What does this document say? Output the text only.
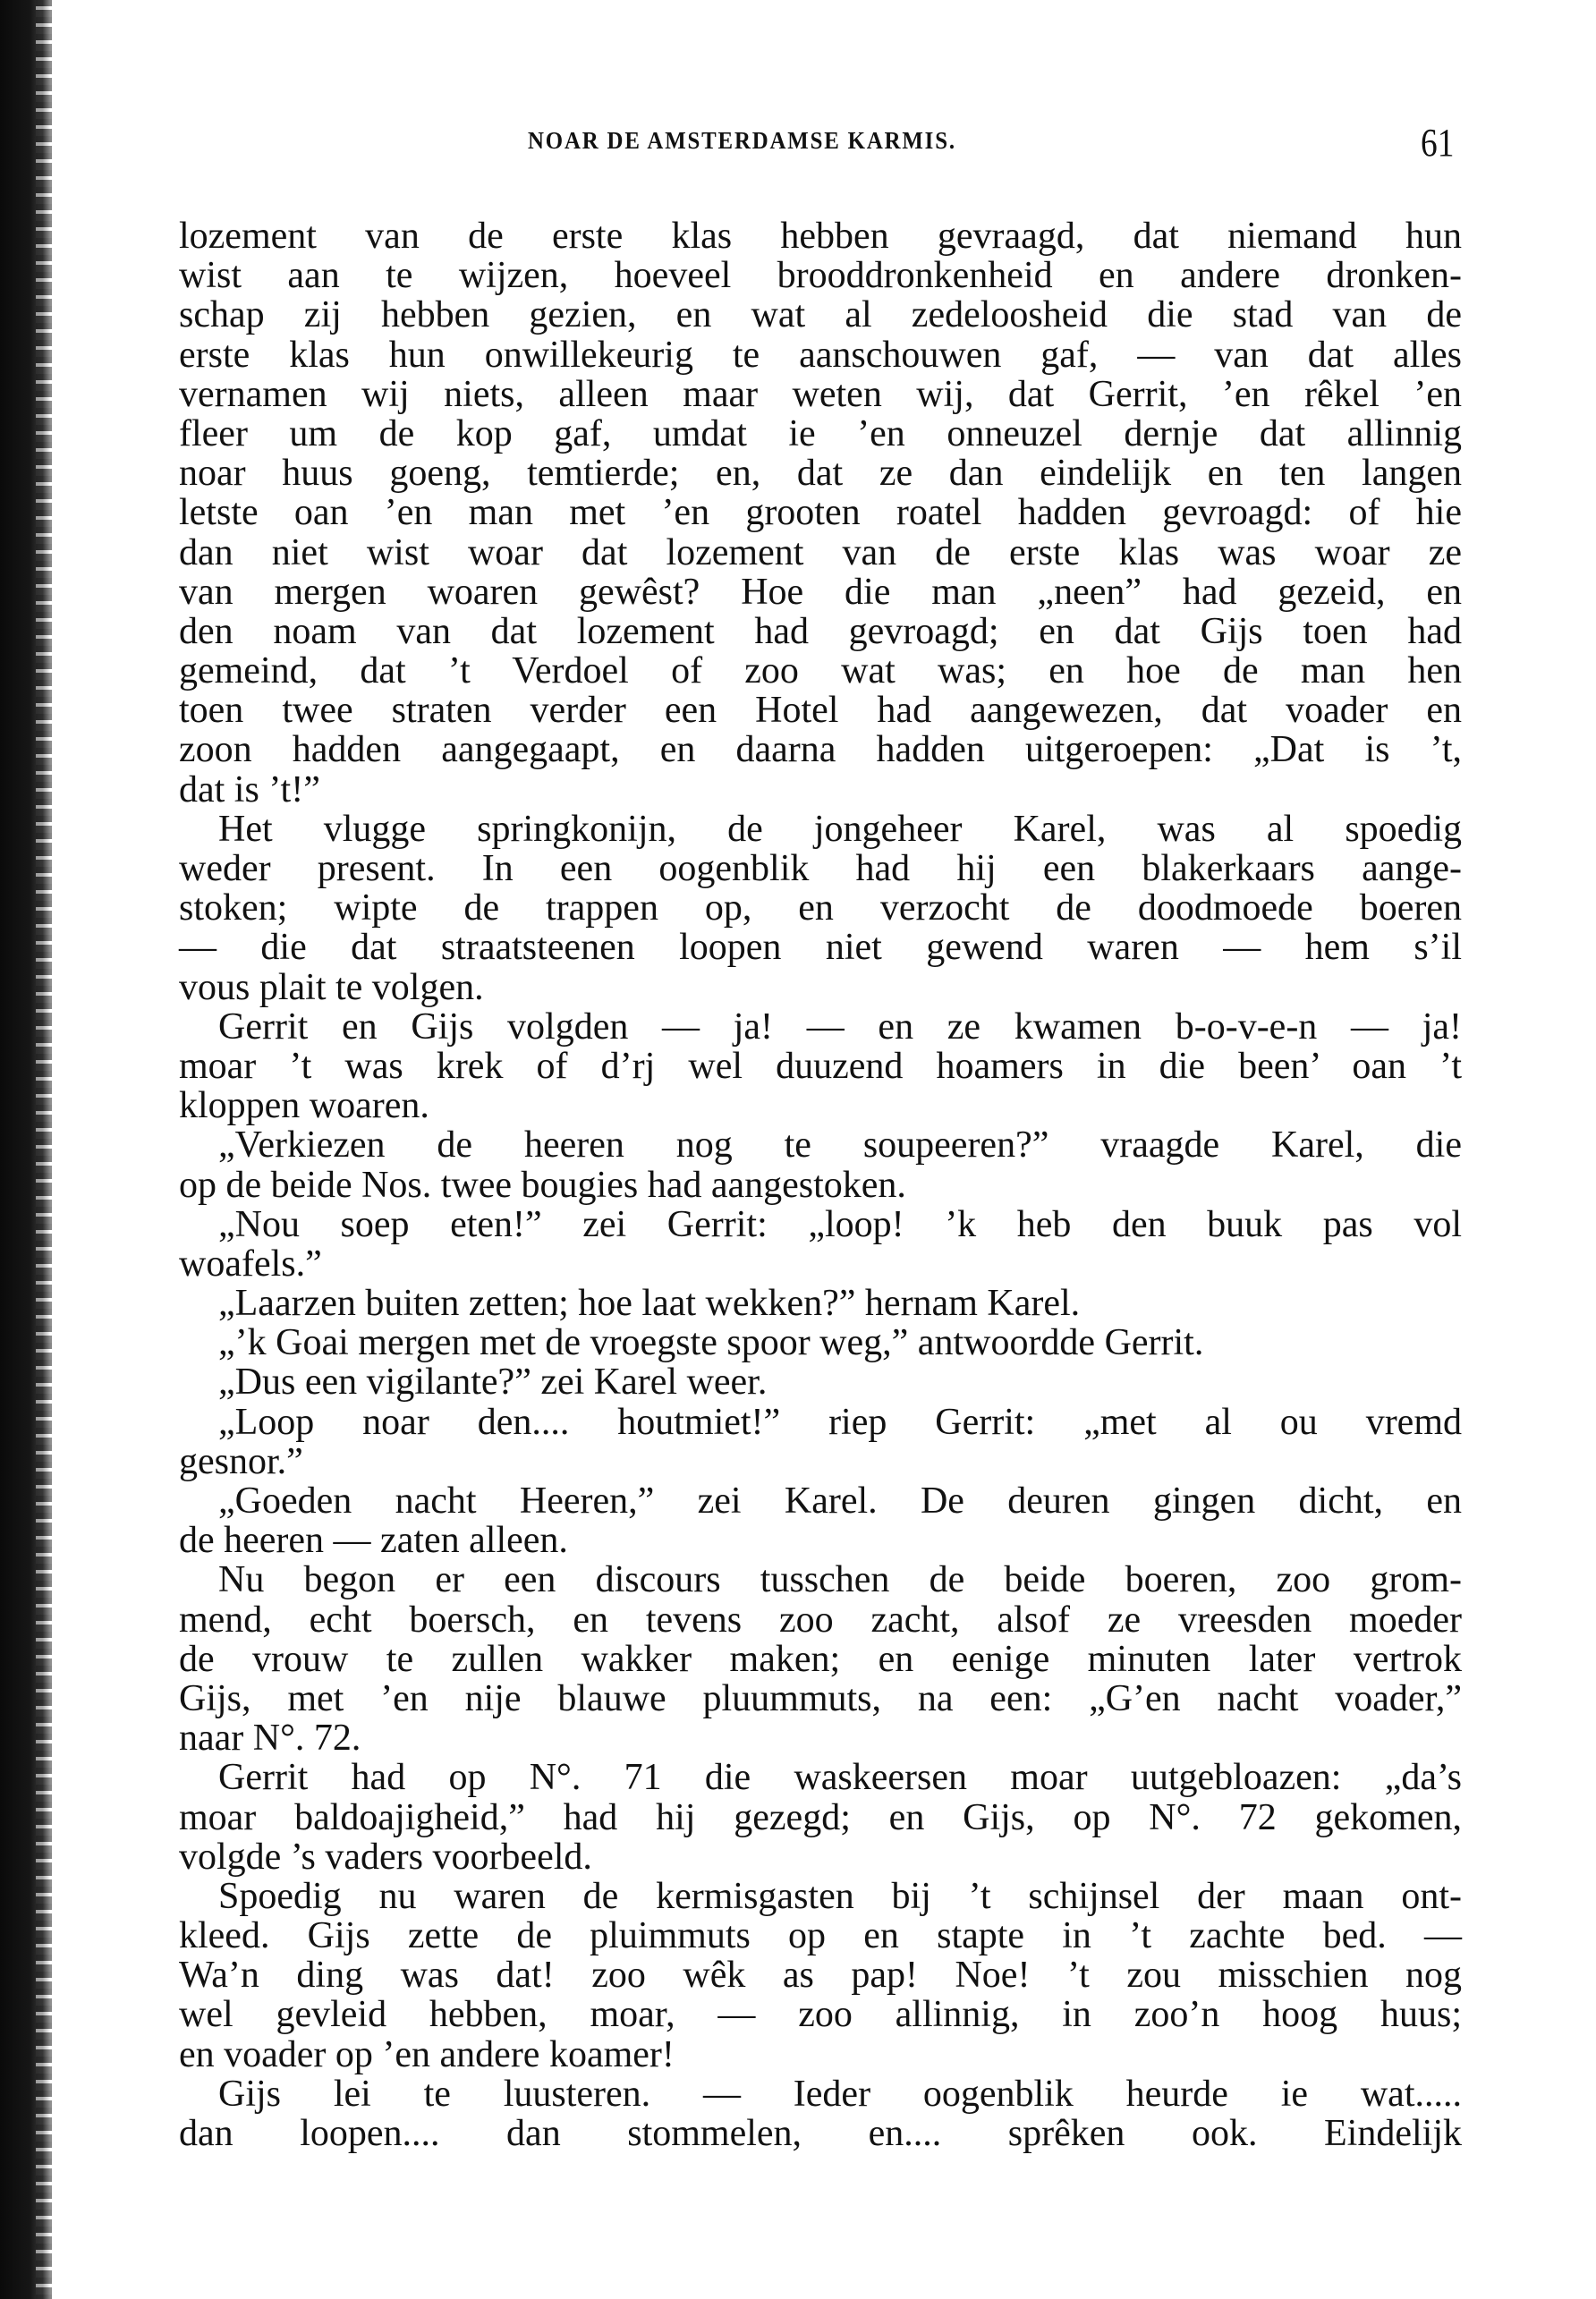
NOAR DE AMSTERDAMSE KARMIS.	61
lozement van de erste klas hebben gevraagd, dat niemand hun
wist aan te wijzen, hoeveel brooddronkenheid en andere dronken-
schap zij hebben gezien, en wat al zedeloosheid die stad van de
erste klas hun onwillekeurig te aanschouwen gaf, — van dat alles
vernamen wij niets, alleen maar weten wij, dat Gerrit, ’en rêkel ’en
fleer um de kop gaf, umdat ie ’en onneuzel dernje dat allinnig
noar huus goeng, temtierde; en, dat ze dan eindelijk en ten langen
letste oan ’en man met ’en grooten roatel hadden gevroagd: of hie
dan niet wist woar dat lozement van de erste klas was woar ze
van mergen woaren gewêst? Hoe die man „neen” had gezeid, en
den noam van dat lozement had gevroagd; en dat Gijs toen had
gemeind, dat ’t Verdoel of zoo wat was; en hoe de man hen
toen twee straten verder een Hotel had aangewezen, dat voader en
zoon hadden aangegaapt, en daarna hadden uitgeroepen: „Dat is ’t,
dat is ’t!”
Het vlugge springkonijn, de jongeheer Karel, was al spoedig
weder present. In een oogenblik had hij een blakerkaars aange-
stoken; wipte de trappen op, en verzocht de doodmoede boeren
— die dat straatsteenen loopen niet gewend waren — hem s’il
vous plait te volgen.
Gerrit en Gijs volgden — ja! — en ze kwamen b-o-v-e-n — ja!
moar ’t was krek of d’rj wel duuzend hoamers in die been’ oan ’t
kloppen woaren.
„Verkiezen de heeren nog te soupeeren?” vraagde Karel, die
op de beide Nos. twee bougies had aangestoken.
„Nou soep eten!” zei Gerrit: „loop! ’k heb den buuk pas vol
woafels.”
„Laarzen buiten zetten; hoe laat wekken?” hernam Karel.
„’k Goai mergen met de vroegste spoor weg,” antwoordde Gerrit.
„Dus een vigilante?” zei Karel weer.
„Loop noar den.... houtmiet!” riep Gerrit: „met al ou vremd
gesnor.”
„Goeden nacht Heeren,” zei Karel. De deuren gingen dicht, en
de heeren — zaten alleen.
Nu begon er een discours tusschen de beide boeren, zoo grom-
mend, echt boersch, en tevens zoo zacht, alsof ze vreesden moeder
de vrouw te zullen wakker maken; en eenige minuten later vertrok
Gijs, met ’en nije blauwe pluummuts, na een: „G’en nacht voader,”
naar N°. 72.
Gerrit had op N°. 71 die waskeersen moar uutgebloazen: „da’s
moar baldoajigheid,” had hij gezegd; en Gijs, op N°. 72 gekomen,
volgde ’s vaders voorbeeld.
Spoedig nu waren de kermisgasten bij ’t schijnsel der maan ont-
kleed. Gijs zette de pluimmuts op en stapte in ’t zachte bed. —
Wa’n ding was dat! zoo wêk as pap! Noe! ’t zou misschien nog
wel gevleid hebben, moar, — zoo allinnig, in zoo’n hoog huus;
en voader op ’en andere koamer!
Gijs lei te luusteren. — Ieder oogenblik heurde ie wat.....
dan loopen.... dan stommelen, en.... sprêken ook. Eindelijk
